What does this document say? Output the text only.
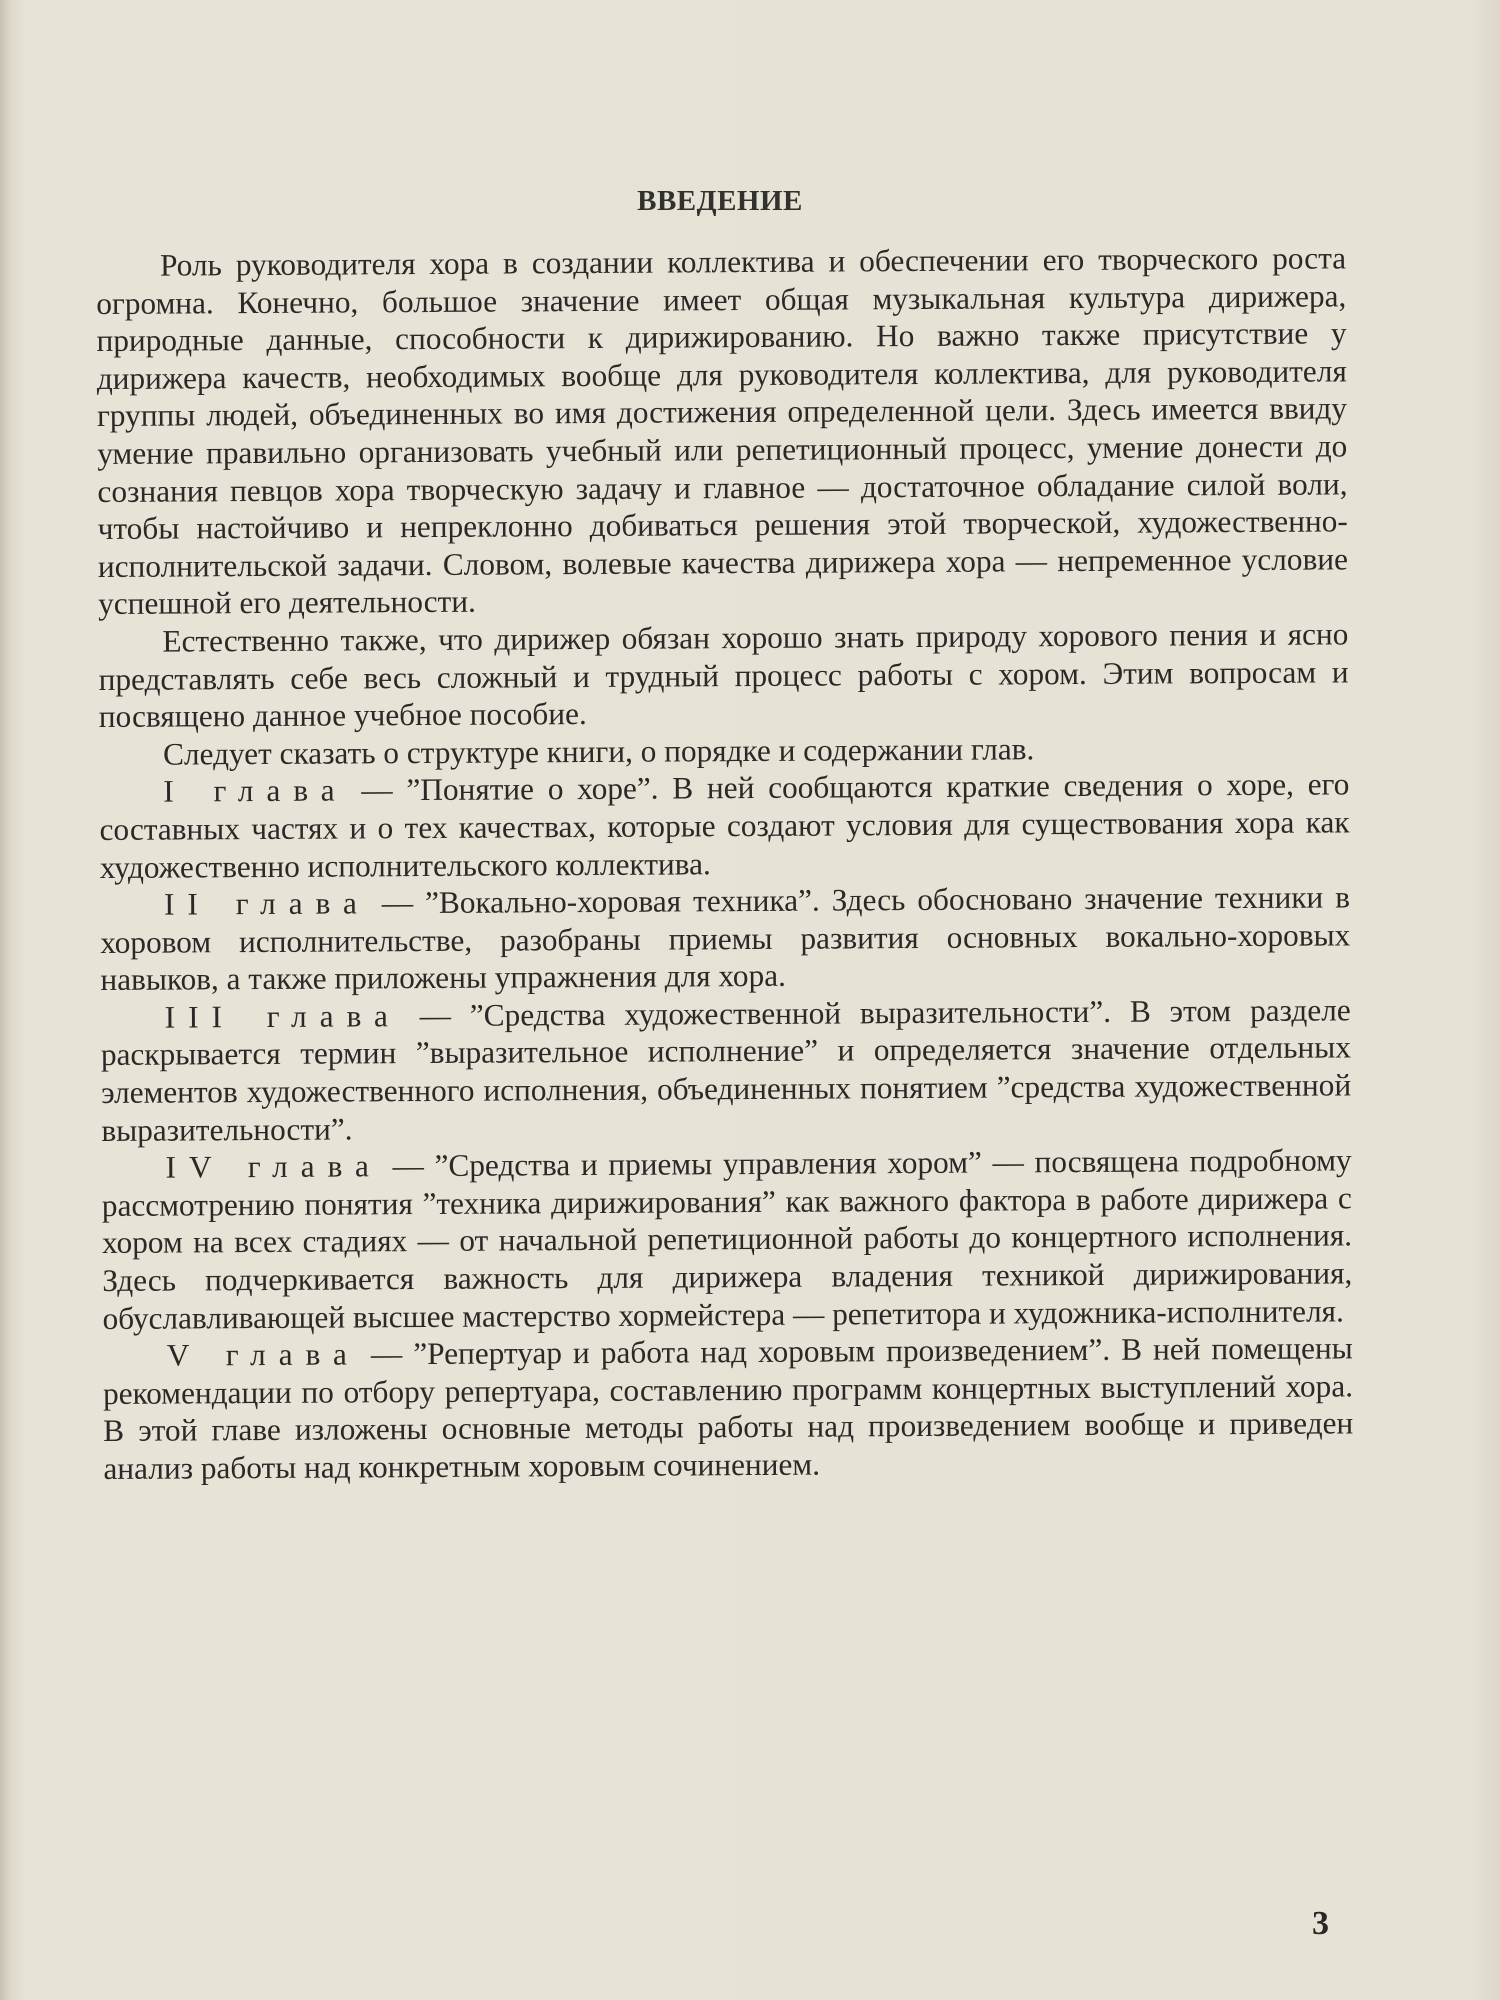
ВВЕДЕНИЕ

Роль руководителя хора в создании коллектива и обеспечении его творческого роста огромна. Конечно, большое значение имеет общая музыкальная культура дирижера, природные данные, способности к дирижированию. Но важно также присутствие у дирижера качеств, необходимых вообще для руководителя коллектива, для руководителя группы людей, объединенных во имя достижения определенной цели. Здесь имеется ввиду умение правильно организовать учебный или репетиционный процесс, умение донести до сознания певцов хора творческую задачу и главное — достаточное обладание силой воли, чтобы настойчиво и непреклонно добиваться решения этой творческой, художественно-исполнительской задачи. Словом, волевые качества дирижера хора — непременное условие успешной его деятельности.

Естественно также, что дирижер обязан хорошо знать природу хорового пения и ясно представлять себе весь сложный и трудный процесс работы с хором. Этим вопросам и посвящено данное учебное пособие.

Следует сказать о структуре книги, о порядке и содержании глав.

I глава — ”Понятие о хоре”. В ней сообщаются краткие сведения о хоре, его составных частях и о тех качествах, которые создают условия для существования хора как художественно исполнительского коллектива.

II глава — ”Вокально-хоровая техника”. Здесь обосновано значение техники в хоровом исполнительстве, разобраны приемы развития основных вокально-хоровых навыков, а также приложены упражнения для хора.

III глава — ”Средства художественной выразительности”. В этом разделе раскрывается термин ”выразительное исполнение” и определяется значение отдельных элементов художественного исполнения, объединенных понятием ”средства художественной выразительности”.

IV глава — ”Средства и приемы управления хором” — посвящена подробному рассмотрению понятия ”техника дирижирования” как важного фактора в работе дирижера с хором на всех стадиях — от начальной репетиционной работы до концертного исполнения. Здесь подчеркивается важность для дирижера владения техникой дирижирования, обуславливающей высшее мастерство хормейстера — репетитора и художника-исполнителя.

V глава — ”Репертуар и работа над хоровым произведением”. В ней помещены рекомендации по отбору репертуара, составлению программ концертных выступлений хора. В этой главе изложены основные методы работы над произведением вообще и приведен анализ работы над конкретным хоровым сочинением.

3
